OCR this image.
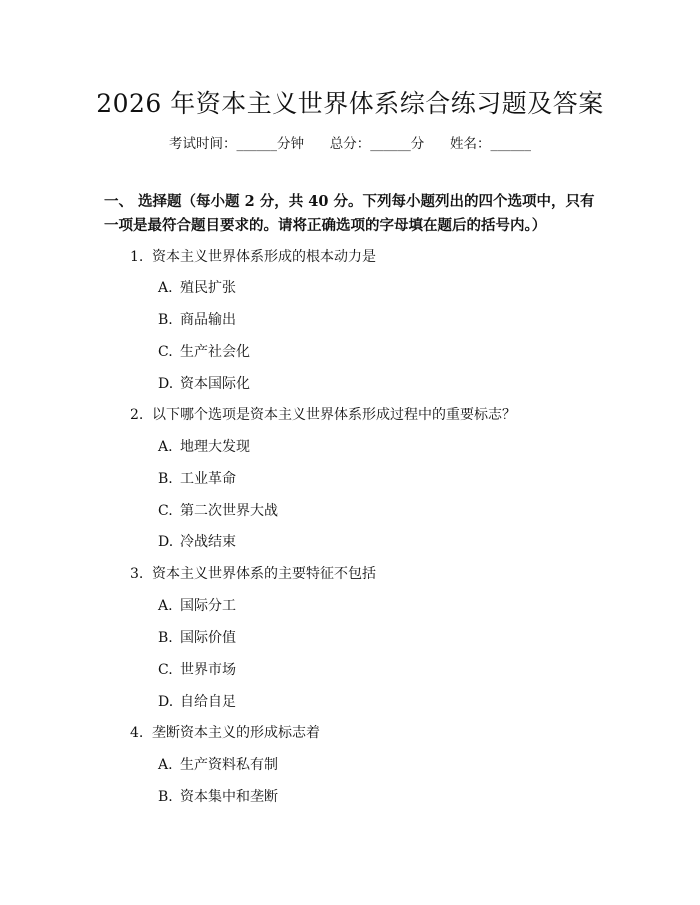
2026 年资本主义世界体系综合练习题及答案
考试时间：______分钟      总分：______分      姓名：______
一、 选择题（每小题 2 分，共 40 分。下列每小题列出的四个选项中，只有一项是最符合题目要求的。请将正确选项的字母填在题后的括号内。）
1. 资本主义世界体系形成的根本动力是
A. 殖民扩张
B. 商品输出
C. 生产社会化
D. 资本国际化
2. 以下哪个选项是资本主义世界体系形成过程中的重要标志？
A. 地理大发现
B. 工业革命
C. 第二次世界大战
D. 冷战结束
3. 资本主义世界体系的主要特征不包括
A. 国际分工
B. 国际价值
C. 世界市场
D. 自给自足
4. 垄断资本主义的形成标志着
A. 生产资料私有制
B. 资本集中和垄断
